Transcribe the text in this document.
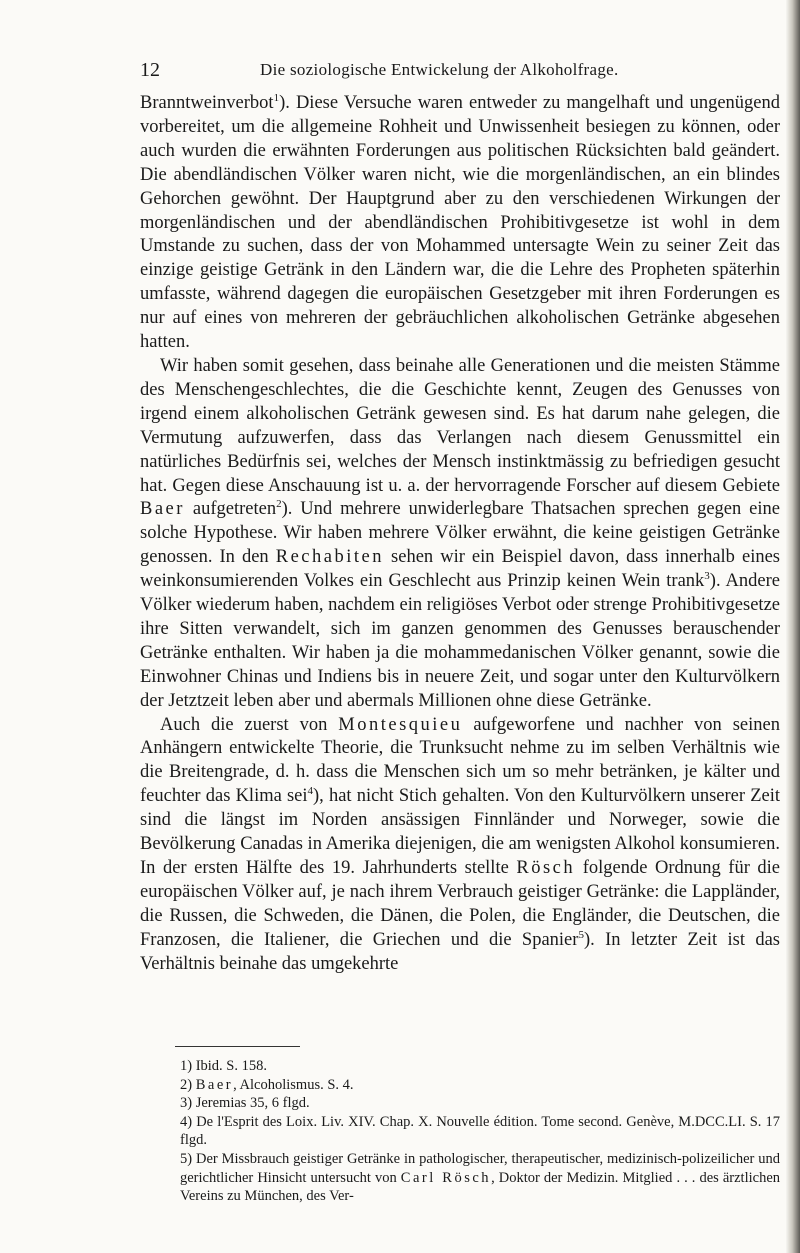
12	Die soziologische Entwickelung der Alkoholfrage.

Branntweinverbot$^1$). Diese Versuche waren entweder zu mangelhaft und ungenügend vorbereitet, um die allgemeine Rohheit und Unwissenheit besiegen zu können, oder auch wurden die erwähnten Forderungen aus politischen Rücksichten bald geändert. Die abendländischen Völker waren nicht, wie die morgenländischen, an ein blindes Gehorchen gewöhnt. Der Hauptgrund aber zu den verschiedenen Wirkungen der morgenländischen und der abendländischen Prohibitivgesetze ist wohl in dem Umstande zu suchen, dass der von Mohammed untersagte Wein zu seiner Zeit das einzige geistige Getränk in den Ländern war, die die Lehre des Propheten späterhin umfasste, während dagegen die europäischen Gesetzgeber mit ihren Forderungen es nur auf eines von mehreren der gebräuchlichen alkoholischen Getränke abgesehen hatten.

Wir haben somit gesehen, dass beinahe alle Generationen und die meisten Stämme des Menschengeschlechtes, die die Geschichte kennt, Zeugen des Genusses von irgend einem alkoholischen Getränk gewesen sind. Es hat darum nahe gelegen, die Vermutung aufzuwerfen, dass das Verlangen nach diesem Genussmittel ein natürliches Bedürfnis sei, welches der Mensch instinktmässig zu befriedigen gesucht hat. Gegen diese Anschauung ist u. a. der hervorragende Forscher auf diesem Gebiete Baer aufgetreten$^2$). Und mehrere unwiderlegbare Thatsachen sprechen gegen eine solche Hypothese. Wir haben mehrere Völker erwähnt, die keine geistigen Getränke genossen. In den Rechabiten sehen wir ein Beispiel davon, dass innerhalb eines weinkonsumierenden Volkes ein Geschlecht aus Prinzip keinen Wein trank$^3$). Andere Völker wiederum haben, nachdem ein religiöses Verbot oder strenge Prohibitivgesetze ihre Sitten verwandelt, sich im ganzen genommen des Genusses berauschender Getränke enthalten. Wir haben ja die mohammedanischen Völker genannt, sowie die Einwohner Chinas und Indiens bis in neuere Zeit, und sogar unter den Kulturvölkern der Jetztzeit leben aber und abermals Millionen ohne diese Getränke.

Auch die zuerst von Montesquieu aufgeworfene und nachher von seinen Anhängern entwickelte Theorie, die Trunksucht nehme zu im selben Verhältnis wie die Breitengrade, d. h. dass die Menschen sich um so mehr betränken, je kälter und feuchter das Klima sei$^4$), hat nicht Stich gehalten. Von den Kulturvölkern unserer Zeit sind die längst im Norden ansässigen Finnländer und Norweger, sowie die Bevölkerung Canadas in Amerika diejenigen, die am wenigsten Alkohol konsumieren. In der ersten Hälfte des 19. Jahrhunderts stellte Rösch folgende Ordnung für die europäischen Völker auf, je nach ihrem Verbrauch geistiger Getränke: die Lappländer, die Russen, die Schweden, die Dänen, die Polen, die Engländer, die Deutschen, die Franzosen, die Italiener, die Griechen und die Spanier$^5$). In letzter Zeit ist das Verhältnis beinahe das umgekehrte

1) Ibid. S. 158.

2) Baer, Alcoholismus. S. 4.

3) Jeremias 35, 6 flgd.

4) De l'Esprit des Loix. Liv. XIV. Chap. X. Nouvelle édition. Tome second. Genève, M.DCC.LI. S. 17 flgd.

5) Der Missbrauch geistiger Getränke in pathologischer, therapeutischer, medizinisch-polizeilicher und gerichtlicher Hinsicht untersucht von Carl Rösch, Doktor der Medizin. Mitglied . . . des ärztlichen Vereins zu München, des Ver-
